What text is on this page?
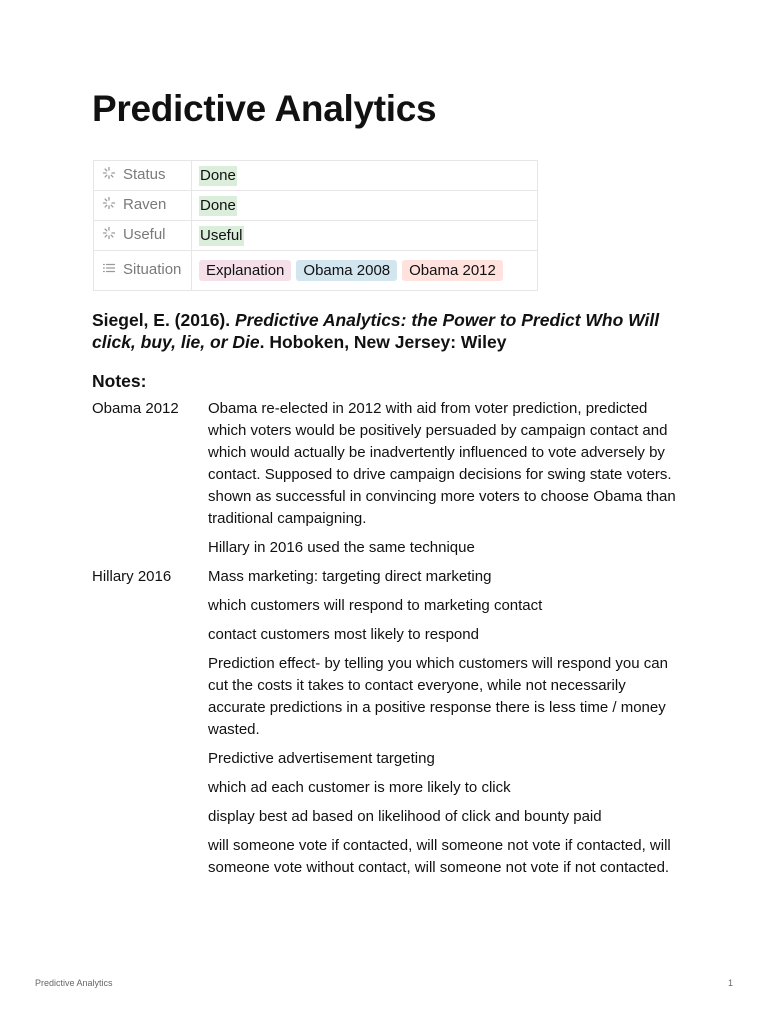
Predictive Analytics
Status	Done
Raven	Done
Useful	Useful
Situation	Explanation Obama 2008 Obama 2012

Siegel, E. (2016). Predictive Analytics: the Power to Predict Who Will click, buy, lie, or Die. Hoboken, New Jersey: Wiley

Notes:
Obama 2012	Obama re-elected in 2012 with aid from voter prediction, predicted which voters would be positively persuaded by campaign contact and which would actually be inadvertently influenced to vote adversely by contact. Supposed to drive campaign decisions for swing state voters. shown as successful in convincing more voters to choose Obama than traditional campaigning.

Hillary in 2016 used the same technique

Hillary 2016	Mass marketing: targeting direct marketing

which customers will respond to marketing contact

contact customers most likely to respond

Prediction effect- by telling you which customers will respond you can cut the costs it takes to contact everyone, while not necessarily accurate predictions in a positive response there is less time / money wasted.

Predictive advertisement targeting

which ad each customer is more likely to click

display best ad based on likelihood of click and bounty paid

will someone vote if contacted, will someone not vote if contacted, will someone vote without contact, will someone not vote if not contacted.

Predictive Analytics	1
